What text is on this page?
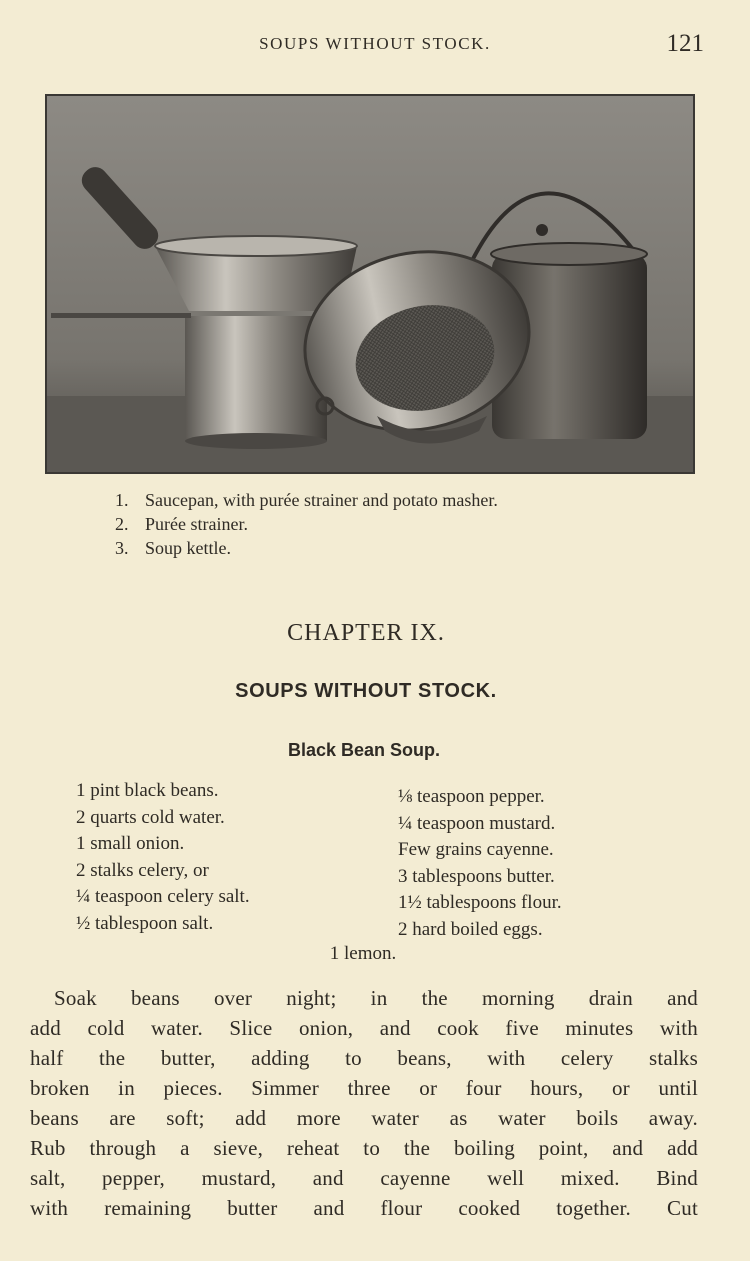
SOUPS WITHOUT STOCK.	121
1. Saucepan, with purée strainer and potato masher.
2. Purée strainer.
3. Soup kettle.
CHAPTER IX.
SOUPS WITHOUT STOCK.
Black Bean Soup.
1 pint black beans.
2 quarts cold water.
1 small onion.
2 stalks celery, or
¼ teaspoon celery salt.
½ tablespoon salt.
⅛ teaspoon pepper.
¼ teaspoon mustard.
Few grains cayenne.
3 tablespoons butter.
1½ tablespoons flour.
2 hard boiled eggs.
1 lemon.
Soak beans over night; in the morning drain and
add cold water. Slice onion, and cook five minutes with
half the butter, adding to beans, with celery stalks
broken in pieces. Simmer three or four hours, or until
beans are soft; add more water as water boils away.
Rub through a sieve, reheat to the boiling point, and add
salt, pepper, mustard, and cayenne well mixed. Bind
with remaining butter and flour cooked together. Cut
